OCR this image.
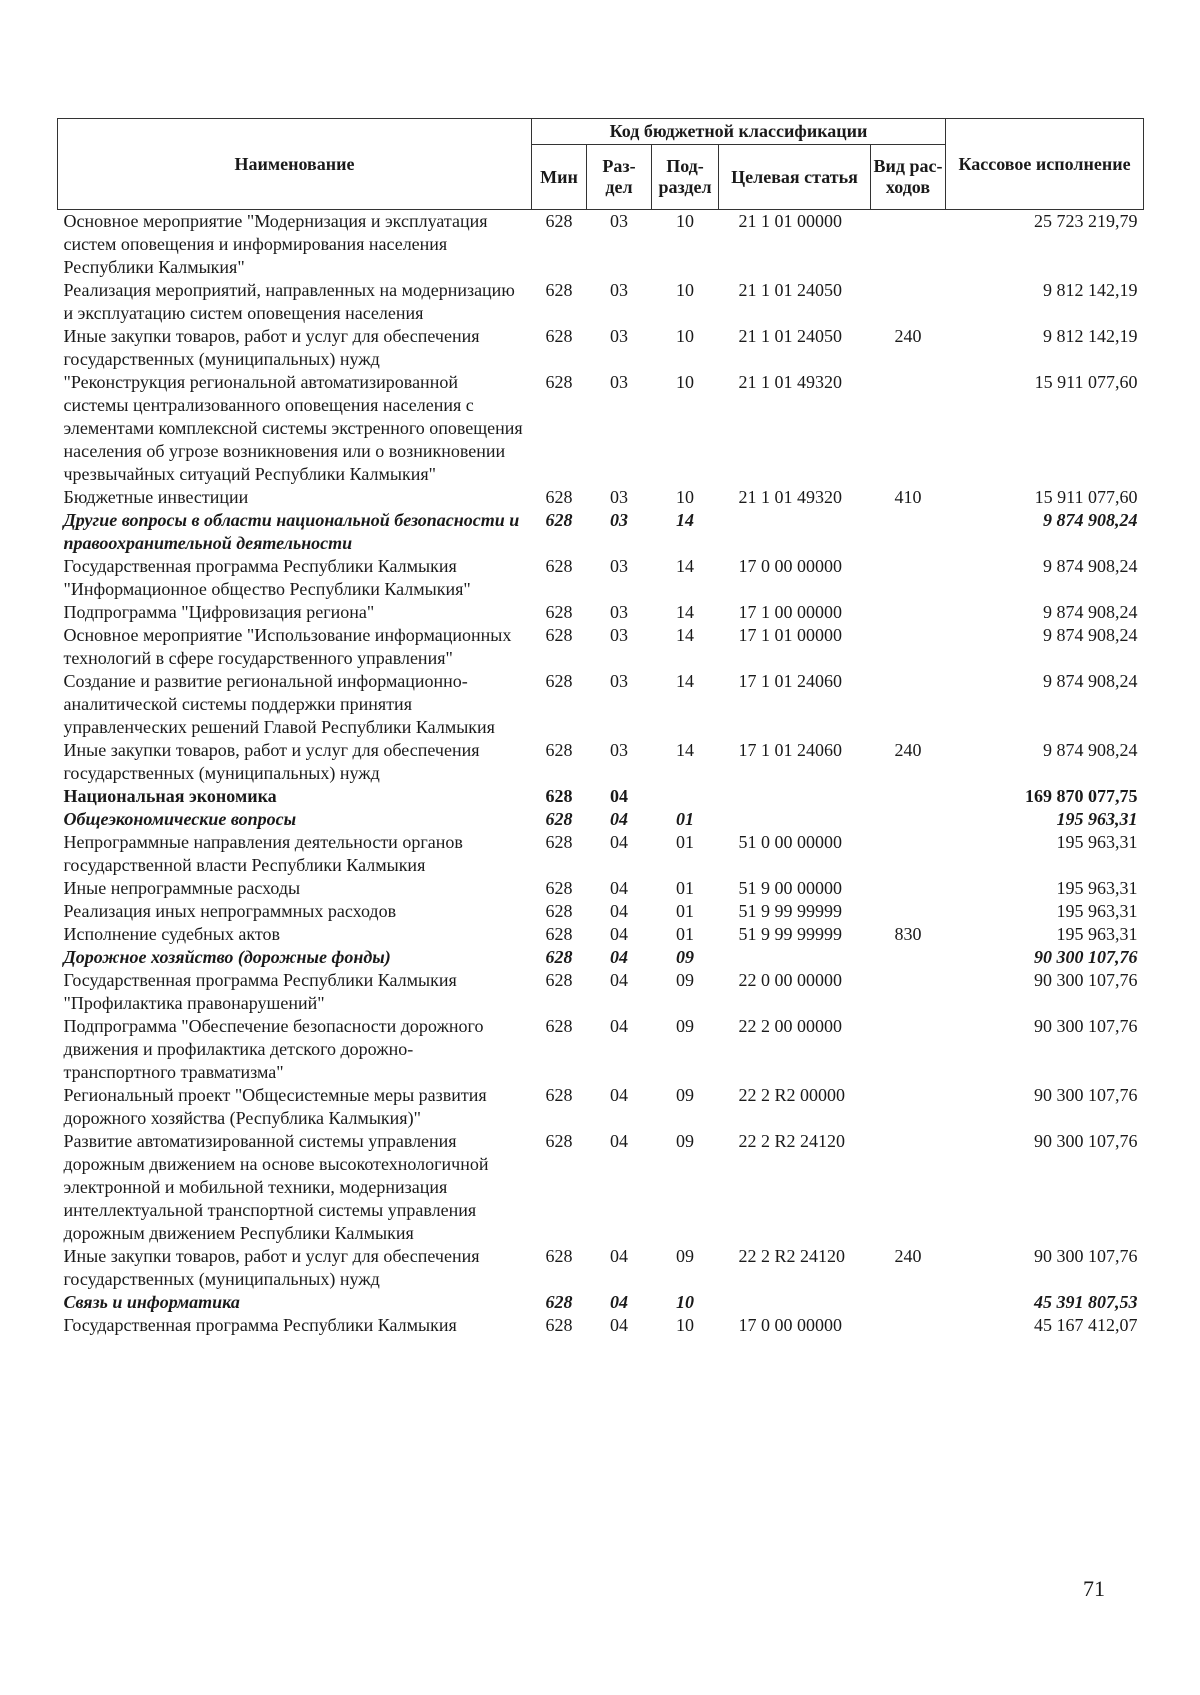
Наименование	Код бюджетной классификации					Кассовое исполнение
	Мин	Раз-дел	Под-раздел	Целевая статья	Вид рас-ходов	
Основное мероприятие "Модернизация и эксплуатация систем оповещения и информирования населения Республики Калмыкия"	628	03	10	21 1 01 00000		25 723 219,79
Реализация мероприятий, направленных на модернизацию и эксплуатацию систем оповещения населения	628	03	10	21 1 01 24050		9 812 142,19
Иные закупки товаров, работ и услуг для обеспечения государственных (муниципальных) нужд	628	03	10	21 1 01 24050	240	9 812 142,19
"Реконструкция региональной автоматизированной системы централизованного оповещения населения с элементами комплексной системы экстренного оповещения населения об угрозе возникновения или о возникновении чрезвычайных ситуаций Республики Калмыкия"	628	03	10	21 1 01 49320		15 911 077,60
Бюджетные инвестиции	628	03	10	21 1 01 49320	410	15 911 077,60
Другие вопросы в области национальной безопасности и правоохранительной деятельности	628	03	14			9 874 908,24
Государственная программа Республики Калмыкия "Информационное общество Республики Калмыкия"	628	03	14	17 0 00 00000		9 874 908,24
Подпрограмма "Цифровизация региона"	628	03	14	17 1 00 00000		9 874 908,24
Основное мероприятие "Использование информационных технологий в сфере государственного управления"	628	03	14	17 1 01 00000		9 874 908,24
Создание и развитие региональной информационно-аналитической системы поддержки принятия управленческих решений Главой Республики Калмыкия	628	03	14	17 1 01 24060		9 874 908,24
Иные закупки товаров, работ и услуг для обеспечения государственных (муниципальных) нужд	628	03	14	17 1 01 24060	240	9 874 908,24
Национальная экономика	628	04				169 870 077,75
Общеэкономические вопросы	628	04	01			195 963,31
Непрограммные направления деятельности органов государственной власти Республики Калмыкия	628	04	01	51 0 00 00000		195 963,31
Иные непрограммные расходы	628	04	01	51 9 00 00000		195 963,31
Реализация иных непрограммных расходов	628	04	01	51 9 99 99999		195 963,31
Исполнение судебных актов	628	04	01	51 9 99 99999	830	195 963,31
Дорожное хозяйство (дорожные фонды)	628	04	09			90 300 107,76
Государственная программа Республики Калмыкия "Профилактика правонарушений"	628	04	09	22 0 00 00000		90 300 107,76
Подпрограмма "Обеспечение безопасности дорожного движения и профилактика детского дорожно-транспортного травматизма"	628	04	09	22 2 00 00000		90 300 107,76
Региональный проект "Общесистемные меры развития дорожного хозяйства (Республика Калмыкия)"	628	04	09	22 2 R2 00000		90 300 107,76
Развитие автоматизированной системы управления дорожным движением на основе высокотехнологичной электронной и мобильной техники, модернизация интеллектуальной транспортной системы управления дорожным движением Республики Калмыкия	628	04	09	22 2 R2 24120		90 300 107,76
Иные закупки товаров, работ и услуг для обеспечения государственных (муниципальных) нужд	628	04	09	22 2 R2 24120	240	90 300 107,76
Связь и информатика	628	04	10			45 391 807,53
Государственная программа Республики Калмыкия	628	04	10	17 0 00 00000		45 167 412,07
71
